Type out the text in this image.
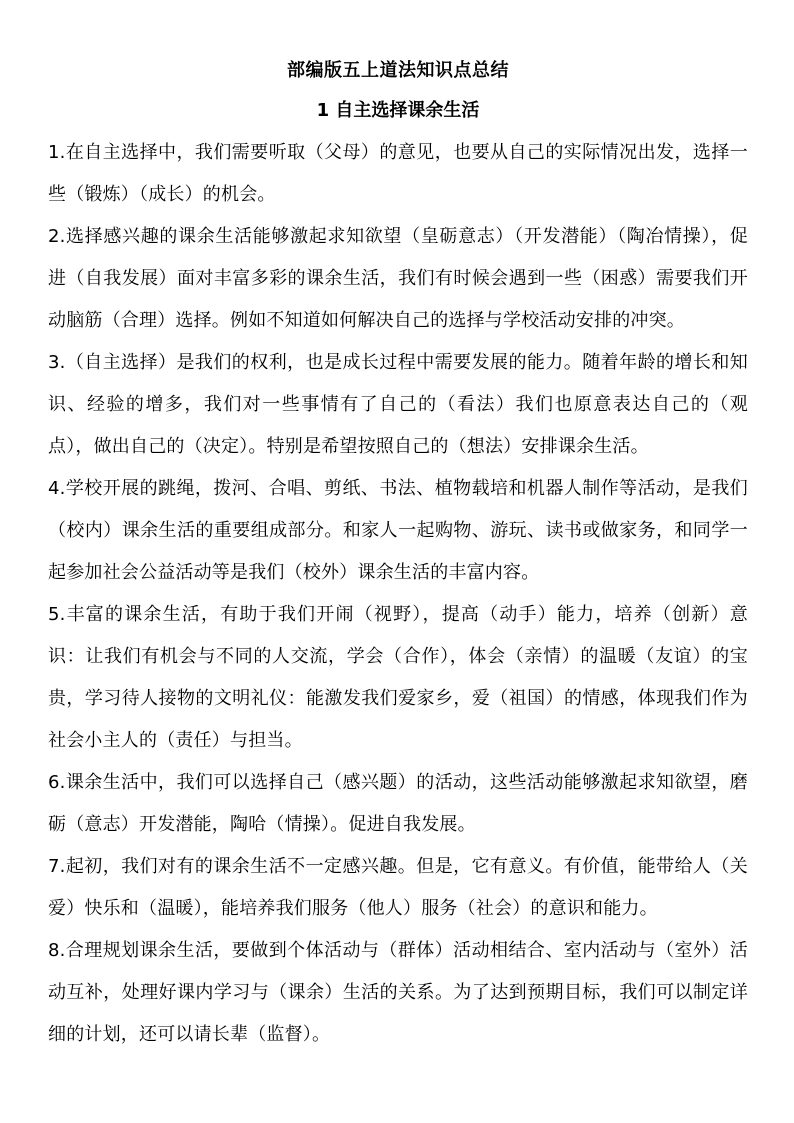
部编版五上道法知识点总结
1 自主选择课余生活

1.在自主选择中，我们需要听取（父母）的意见，也要从自己的实际情况出发，选择一些（锻炼）（成长）的机会。

2.选择感兴趣的课余生活能够激起求知欲望（皇砺意志）（开发潜能）（陶冶情操），促进（自我发展）面对丰富多彩的课余生活，我们有时候会遇到一些（困惑）需要我们开动脑筋（合理）选择。例如不知道如何解决自己的选择与学校活动安排的冲突。

3.（自主选择）是我们的权利，也是成长过程中需要发展的能力。随着年龄的增长和知识、经验的增多，我们对一些事情有了自己的（看法）我们也原意表达自己的（观点），做出自己的（决定）。特别是希望按照自己的（想法）安排课余生活。

4.学校开展的跳绳，拨河、合唱、剪纸、书法、植物载培和机器人制作等活动，是我们（校内）课余生活的重要组成部分。和家人一起购物、游玩、读书或做家务，和同学一起参加社会公益活动等是我们（校外）课余生活的丰富内容。

5.丰富的课余生活，有助于我们开闹（视野），提高（动手）能力，培养（创新）意识：让我们有机会与不同的人交流，学会（合作），体会（亲情）的温暖（友谊）的宝贵，学习待人接物的文明礼仪：能激发我们爱家乡，爱（祖国）的情感，体现我们作为社会小主人的（责任）与担当。

6.课余生活中，我们可以选择自己（感兴题）的活动，这些活动能够激起求知欲望，磨砺（意志）开发潜能，陶哈（情操）。促进自我发展。

7.起初，我们对有的课余生活不一定感兴趣。但是，它有意义。有价值，能带给人（关爱）快乐和（温暖），能培养我们服务（他人）服务（社会）的意识和能力。

8.合理规划课余生活，要做到个体活动与（群体）活动相结合、室内活动与（室外）活动互补，处理好课内学习与（课余）生活的关系。为了达到预期目标，我们可以制定详细的计划，还可以请长辈（监督）。
